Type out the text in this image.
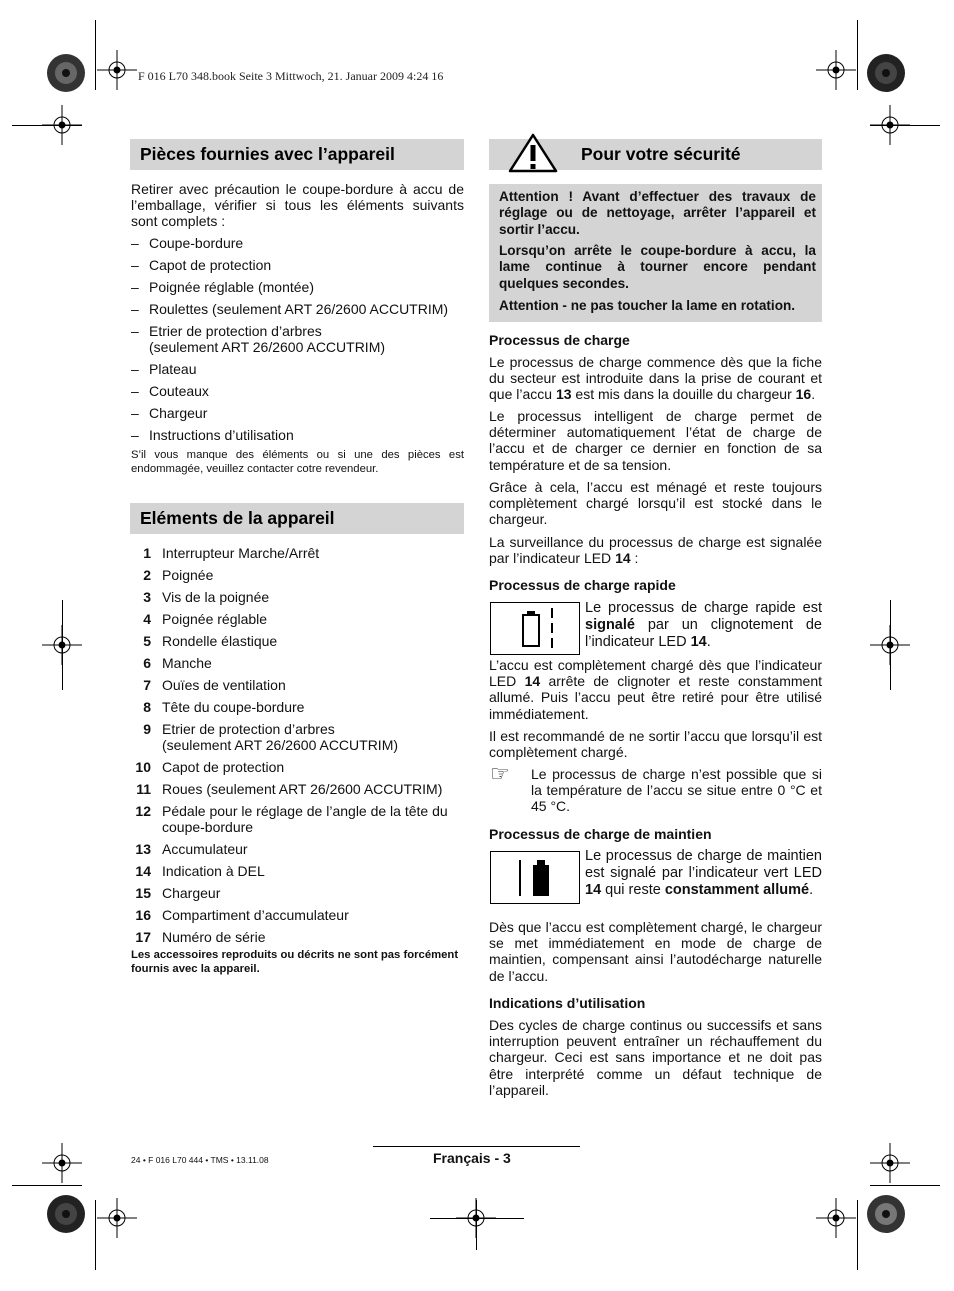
F 016 L70 348.book Seite 3 Mittwoch, 21. Januar 2009 4:24 16
Pièces fournies avec l’appareil

Retirer avec précaution le coupe-bordure à accu de l’emballage, vérifier si tous les éléments suivants sont complets :

– Coupe-bordure
– Capot de protection
– Poignée réglable (montée)
– Roulettes (seulement ART 26/2600 ACCUTRIM)
– Etrier de protection d’arbres
(seulement ART 26/2600 ACCUTRIM)
– Plateau
– Couteaux
– Chargeur
– Instructions d’utilisation

S’il vous manque des éléments ou si une des pièces est endommagée, veuillez contacter cotre revendeur.

Eléments de la appareil
1 Interrupteur Marche/Arrêt
2 Poignée
3 Vis de la poignée
4 Poignée réglable
5 Rondelle élastique
6 Manche
7 Ouïes de ventilation
8 Tête du coupe-bordure
9 Etrier de protection d’arbres
(seulement ART 26/2600 ACCUTRIM)
10 Capot de protection
11 Roues (seulement ART 26/2600 ACCUTRIM)
12 Pédale pour le réglage de l’angle de la tête du coupe-bordure
13 Accumulateur
14 Indication à DEL
15 Chargeur
16 Compartiment d’accumulateur
17 Numéro de série

Les accessoires reproduits ou décrits ne sont pas forcément fournis avec la appareil.

Pour votre sécurité

Attention ! Avant d’effectuer des travaux de réglage ou de nettoyage, arrêter l’appareil et sortir l’accu.

Lorsqu’on arrête le coupe-bordure à accu, la lame continue à tourner encore pendant quelques secondes.

Attention - ne pas toucher la lame en rotation.

Processus de charge

Le processus de charge commence dès que la fiche du secteur est introduite dans la prise de courant et que l’accu 13 est mis dans la douille du chargeur 16.

Le processus intelligent de charge permet de déterminer automatiquement l’état de charge de l’accu et de charger ce dernier en fonction de sa température et de sa tension.

Grâce à cela, l’accu est ménagé et reste toujours complètement chargé lorsqu’il est stocké dans le chargeur.

La surveillance du processus de charge est signalée par l’indicateur LED 14 :

Processus de charge rapide

Le processus de charge rapide est signalé par un clignotement de l’indicateur LED 14.

L’accu est complètement chargé dès que l’indicateur LED 14 arrête de clignoter et reste constamment allumé. Puis l’accu peut être retiré pour être utilisé immédiatement.

Il est recommandé de ne sortir l’accu que lorsqu’il est complètement chargé.

☞ Le processus de charge n’est possible que si la température de l’accu se situe entre 0 °C et 45 °C.

Processus de charge de maintien

Le processus de charge de maintien est signalé par l’indicateur vert LED 14 qui reste constamment allumé.

Dès que l’accu est complètement chargé, le chargeur se met immédiatement en mode de charge de maintien, compensant ainsi l’autodécharge naturelle de l’accu.

Indications d’utilisation

Des cycles de charge continus ou successifs et sans interruption peuvent entraîner un réchauffement du chargeur. Ceci est sans importance et ne doit pas être interprété comme un défaut technique de l’appareil.

24 • F 016 L70 444 • TMS • 13.11.08	Français - 3
